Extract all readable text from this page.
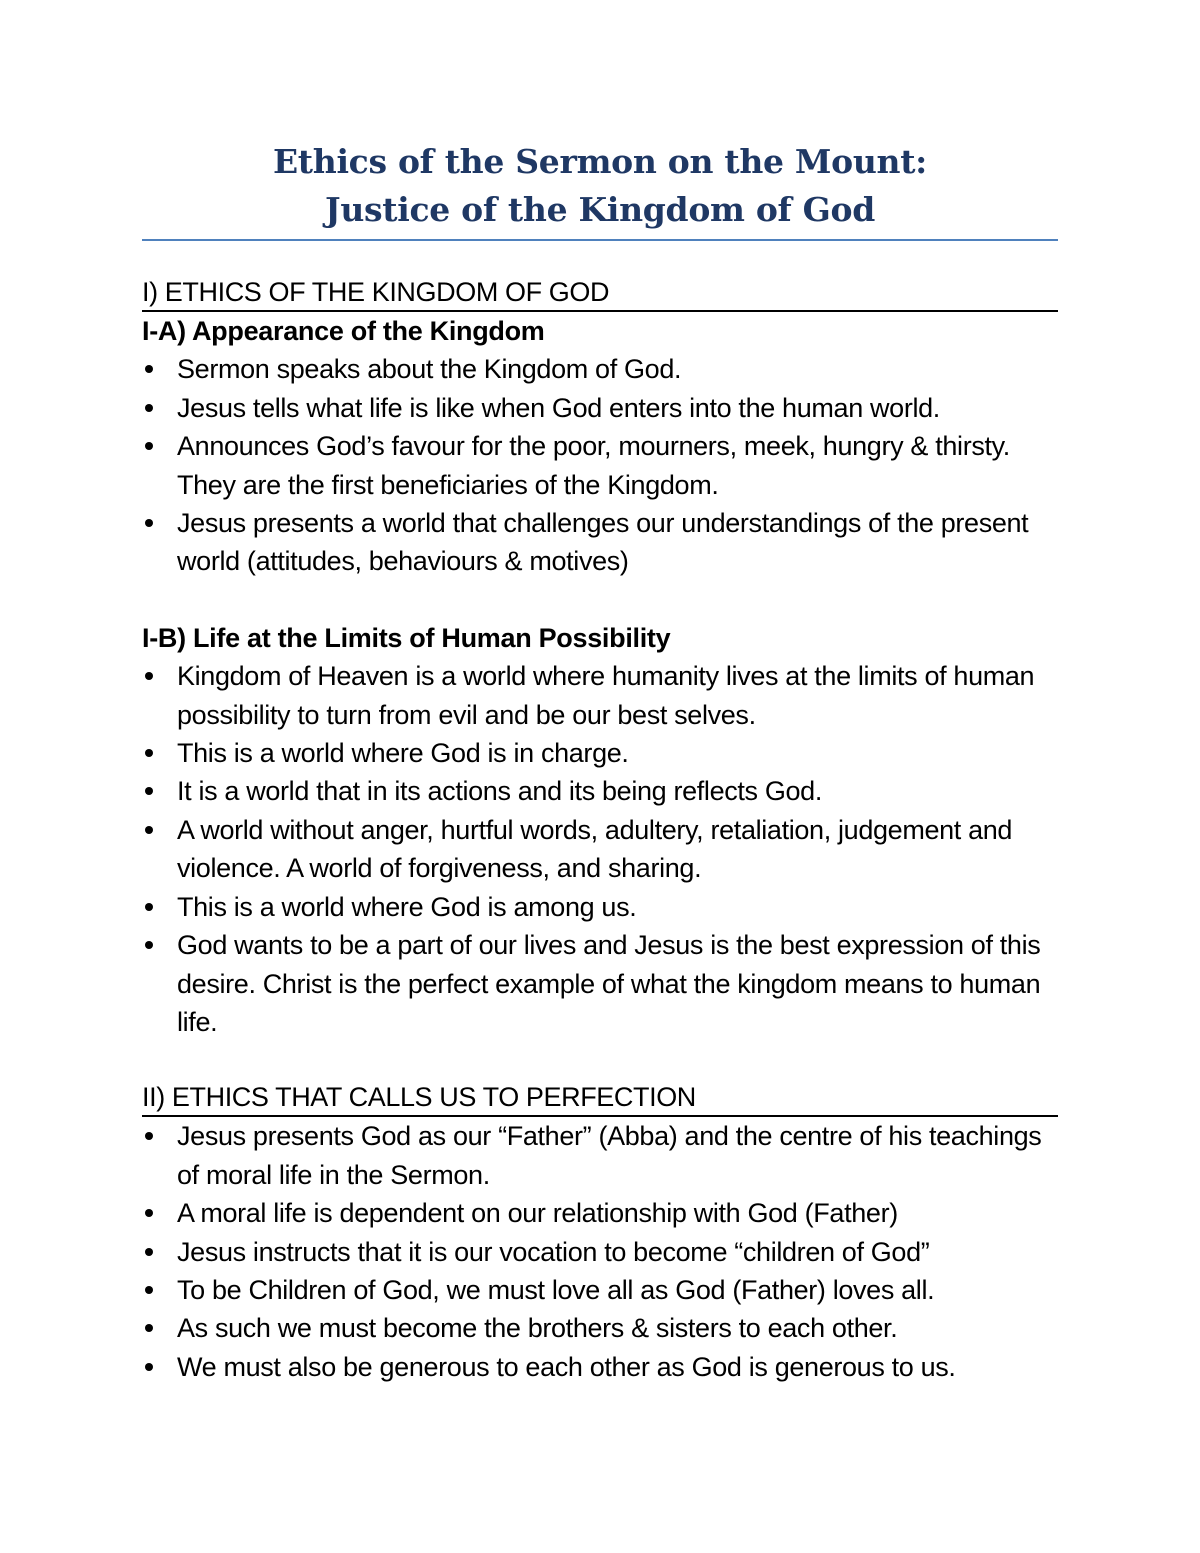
Ethics of the Sermon on the Mount:
Justice of the Kingdom of God
I) ETHICS OF THE KINGDOM OF GOD
I-A) Appearance of the Kingdom
Sermon speaks about the Kingdom of God.
Jesus tells what life is like when God enters into the human world.
Announces God’s favour for the poor, mourners, meek, hungry & thirsty. They are the first beneficiaries of the Kingdom.
Jesus presents a world that challenges our understandings of the present world (attitudes, behaviours & motives)
I-B) Life at the Limits of Human Possibility
Kingdom of Heaven is a world where humanity lives at the limits of human possibility to turn from evil and be our best selves.
This is a world where God is in charge.
It is a world that in its actions and its being reflects God.
A world without anger, hurtful words, adultery, retaliation, judgement and violence. A world of forgiveness, and sharing.
This is a world where God is among us.
God wants to be a part of our lives and Jesus is the best expression of this desire. Christ is the perfect example of what the kingdom means to human life.
II) ETHICS THAT CALLS US TO PERFECTION
Jesus presents God as our “Father” (Abba) and the centre of his teachings of moral life in the Sermon.
A moral life is dependent on our relationship with God (Father)
Jesus instructs that it is our vocation to become “children of God”
To be Children of God, we must love all as God (Father) loves all.
As such we must become the brothers & sisters to each other.
We must also be generous to each other as God is generous to us.
